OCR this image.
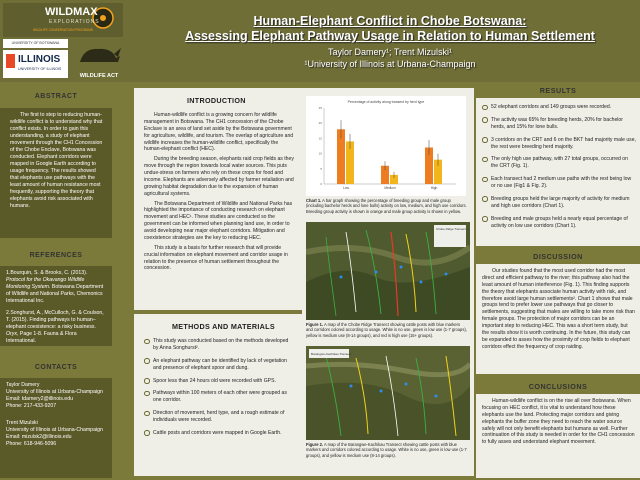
WILDMAX
EXPLORATIONS
WILDLIFE CONSERVATION PROGRAMS
UNIVERSITY OF BOTSWANA
ILLINOIS
UNIVERSITY OF ILLINOIS
WILDLIFE ACT
Human-Elephant Conflict in Chobe Botswana:
Assessing Elephant Pathway Usage in Relation to Human Settlement
Taylor Damery¹; Trent Mizulski¹
¹University of Illinois at Urbana-Champaign
ABSTRACT

The first to step to reducing human-wildlife conflict is to understand why that conflict exists. In order to gain this understanding, a study of elephant movement through the CH1 Concession of the Chobe Enclave, Botswana was conducted. Elephant corridors were mapped in Google Earth according to usage frequency. The results showed that elephants use pathways with the least amount of human resistance most frequently, supporting the theory that elephants avoid risk associated with humans.

REFERENCES
1.Bourquin, S. & Brooks, C. (2013). Protocol for the Okavango Wildlife Monitoring System. Botswana Department of Wildlife and National Parks, Chemonics International Inc.
2.Songhurst, A., McCulloch, G. & Coulson, T. (2015). Finding pathways to human–elephant coexistence: a risky business. Oryx, Page 1-8. Fauna & Flora International.
CONTACTS
Taylor Damery
University of Illinois at Urbana-Champaign
Email: tdamery2@illinois.edu
Phone: 217-433-9207
Trent Mizulski
University of Illinois at Urbana-Champaign
Email: mizulsk2@illinois.edu
Phone: 618-946-5096
INTRODUCTION

Human-wildlife conflict is a growing concern for wildlife management in Botswana. The CH1 concession of the Chobe Enclave is an area of land set aside by the Botswana government for agriculture, wildlife, and tourism. The overlap of agriculture and wildlife increases the human-wildlife conflict, specifically the human-elephant conflict (HEC).

During the breeding season, elephants raid crop fields as they move through the region towards local water sources. This puts undue-stress on farmers who rely on these crops for food and income. Elephants are adversely affected by farmer retaliation and growing habitat degradation due to the expansion of human agricultural systems.

The Botswana Department of Wildlife and National Parks has highlighted the importance of conducting research on elephant movement and HEC¹. These studies are conducted so the government can be informed when planning land use, in order to avoid developing near major elephant corridors. Mitigation and coexistence strategies are the key to reducing HEC.

This study is a basis for further research that will provide crucial information on elephant movement and corridor usage in relation to the presence of human settlement throughout the concession.

METHODS AND MATERIALS
This study was conducted based on the methods developed by Anna Songhurst².
An elephant pathway can be identified by lack of vegetation and presence of elephant spoor and dung.
Spoor less than 24 hours old were recorded with GPS.
Pathways within 100 meters of each other were grouped as one corridor.
Direction of movement, herd type, and a rough estimate of individuals were recorded.
Cattle posts and corridors were mapped in Google Earth.
Percentage of activity along transect by herd type
Low	Medium	High
0
5
10
15
20
25
Chart 1. A bar graph showing the percentage of breeding group and male group (including bachelor herds and lone bulls) activity on low, medium, and high use corridors. Breeding group activity is shown in orange and male group activity is shown in yellow.
Chobe Ridge Transect
Figure 1. A map of the Chobe Ridge Transect showing cattle posts with blue markers and corridors colored according to usage. White is no use, green is low use (1-7 groups), yellow is medium use (8-14 groups), and red is high use (15+ groups).
Barangwe-Kachikau Transect
Figure 2. A map of the Barangwe-Kachikau Transect showing cattle posts with blue markers and corridors colored according to usage. White is no use, green is low use (1-7 groups), and yellow is medium use (8-14 groups).
RESULTS
52 elephant corridors and 149 groups were recorded.
The activity was 65% for breeding herds, 20% for bachelor herds, and 15% for lone bulls.
3 corridors on the CRT and 6 on the BKT had majority male use, the rest were breeding herd majority.
The only high use pathway, with 27 total groups, occurred on the CRT (Fig. 1).
Each transect had 2 medium use paths with the rest being low or no use (Fig1 & Fig. 2).
Breeding groups held the large majority of activity for medium and high use corridors (Chart 1).
Breeding and male groups held a nearly equal percentage of activity on low use corridors (Chart 1).
DISCUSSION

Our studies found that the most used corridor had the most direct and efficient pathway to the river; this pathway also had the least amount of human interference (Fig. 1). This finding supports the theory that elephants associate human activity with risk, and therefore avoid large human settlements². Chart 1 shows that male groups tend to prefer lower use pathways that go closer to settlements, suggesting that males are willing to take more risk than female groups. The protection of major corridors can be an important step to reducing HEC. This was a short term study, but the results show it is worth continuing. In the future, this study can be expanded to asses how the proximity of crop fields to elephant corridors effect the frequency of crop raiding.

CONCLUSIONS

Human-wildlife conflict is on the rise all over Botswana. When focusing on HEC conflict, it is vital to understand how these elephants use the land. Protecting major corridors and giving elephants the buffer zone they need to reach the water source safely will not only benefit elephants but humans as well. Further continuation of this study is needed in order for the CH1 concession to fully asses and understand elephant movement.
